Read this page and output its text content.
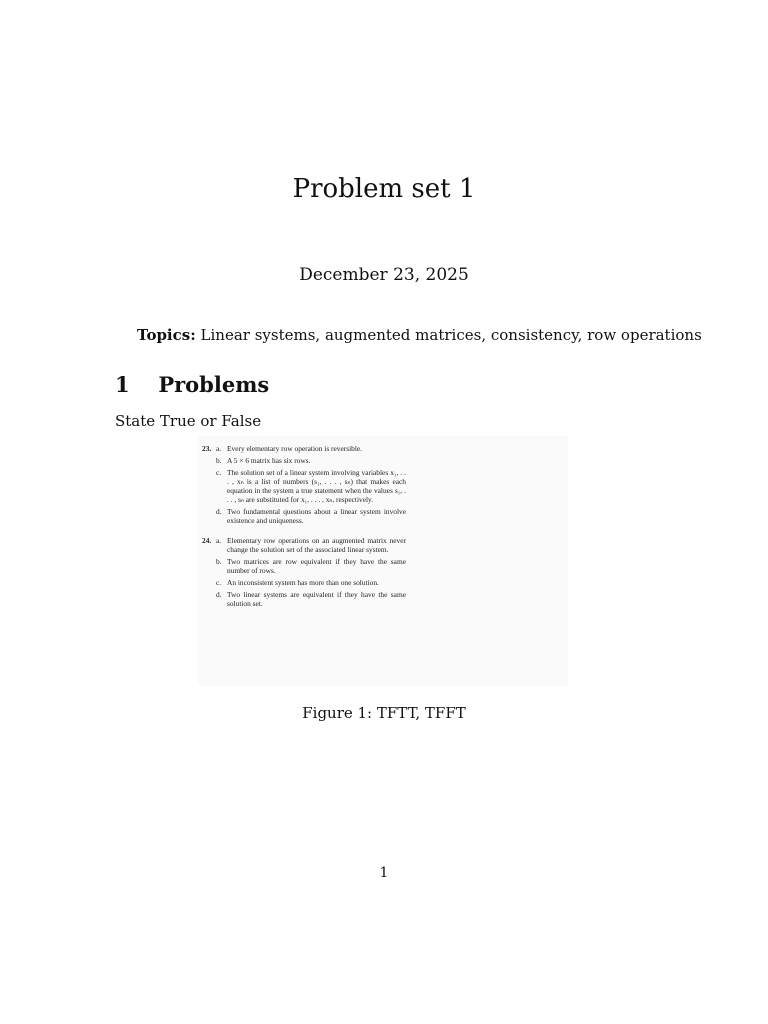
Problem set 1
December 23, 2025
Topics: Linear systems, augmented matrices, consistency, row operations
1 Problems
State True or False
23. a. Every elementary row operation is reversible.
b. A 5 × 6 matrix has six rows.
c. The solution set of a linear system involving variables x₁, . . . , xₙ is a list of numbers (s₁, . . . , sₙ) that makes each equation in the system a true statement when the values s₁, . . . , sₙ are substituted for x₁, . . . , xₙ, respectively.
d. Two fundamental questions about a linear system involve existence and uniqueness.
24. a. Elementary row operations on an augmented matrix never change the solution set of the associated linear system.
b. Two matrices are row equivalent if they have the same number of rows.
c. An inconsistent system has more than one solution.
d. Two linear systems are equivalent if they have the same solution set.
Figure 1: TFTT, TFFT
1
